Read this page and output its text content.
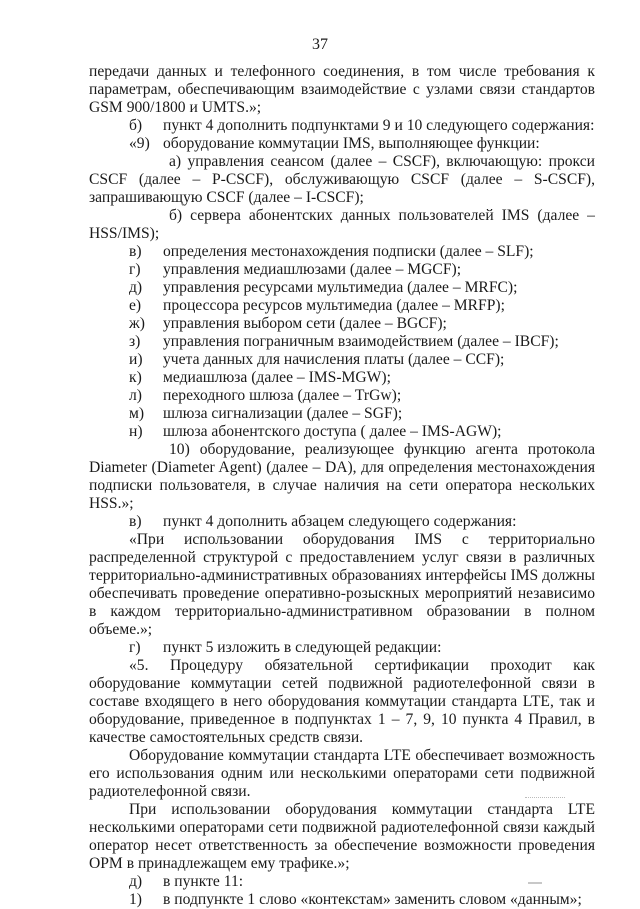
37

передачи данных и телефонного соединения, в том числе требования к параметрам, обеспечивающим взаимодействие с узлами связи стандартов GSM 900/1800 и UMTS.»;

б)	пункт 4 дополнить подпунктами 9 и 10 следующего содержания:

«9) оборудование коммутации IMS, выполняющее функции:

а) управления сеансом (далее – CSCF), включающую: прокси CSCF (далее – P-CSCF), обслуживающую CSCF (далее – S-CSCF), запрашивающую CSCF (далее – I-CSCF);

б) сервера абонентских данных пользователей IMS (далее – HSS/IMS);

в)	определения местонахождения подписки (далее – SLF);

г)	управления медиашлюзами (далее – MGCF);

д)	управления ресурсами мультимедиа (далее – MRFC);

е)	процессора ресурсов мультимедиа (далее – MRFP);

ж)	управления выбором сети (далее – BGCF);

з)	управления пограничным взаимодействием (далее – IBCF);

и)	учета данных для начисления платы (далее – CCF);

к)	медиашлюза (далее – IMS-MGW);

л)	переходного шлюза (далее – TrGw);

м)	шлюза сигнализации (далее – SGF);

н)	шлюза абонентского доступа ( далее – IMS-AGW);

10) оборудование, реализующее функцию агента протокола Diameter (Diameter Agent) (далее – DA), для определения местонахождения подписки пользователя, в случае наличия на сети оператора нескольких HSS.»;

в)	пункт 4 дополнить абзацем следующего содержания:

«При использовании оборудования IMS с территориально распределенной структурой с предоставлением услуг связи в различных территориально-административных образованиях интерфейсы IMS должны обеспечивать проведение оперативно-розыскных мероприятий независимо в каждом территориально-административном образовании в полном объеме.»;

г)	пункт 5 изложить в следующей редакции:

«5. Процедуру обязательной сертификации проходит как оборудование коммутации сетей подвижной радиотелефонной связи в составе входящего в него оборудования коммутации стандарта LTE, так и оборудование, приведенное в подпунктах 1 – 7, 9, 10 пункта 4 Правил, в качестве самостоятельных средств связи.

Оборудование коммутации стандарта LTE обеспечивает возможность его использования одним или несколькими операторами сети подвижной радиотелефонной связи.

При использовании оборудования коммутации стандарта LTE несколькими операторами сети подвижной радиотелефонной связи каждый оператор несет ответственность за обеспечение возможности проведения ОРМ в принадлежащем ему трафике.»;

д)	в пункте 11:

1)	в подпункте 1 слово «контекстам» заменить словом «данным»;
